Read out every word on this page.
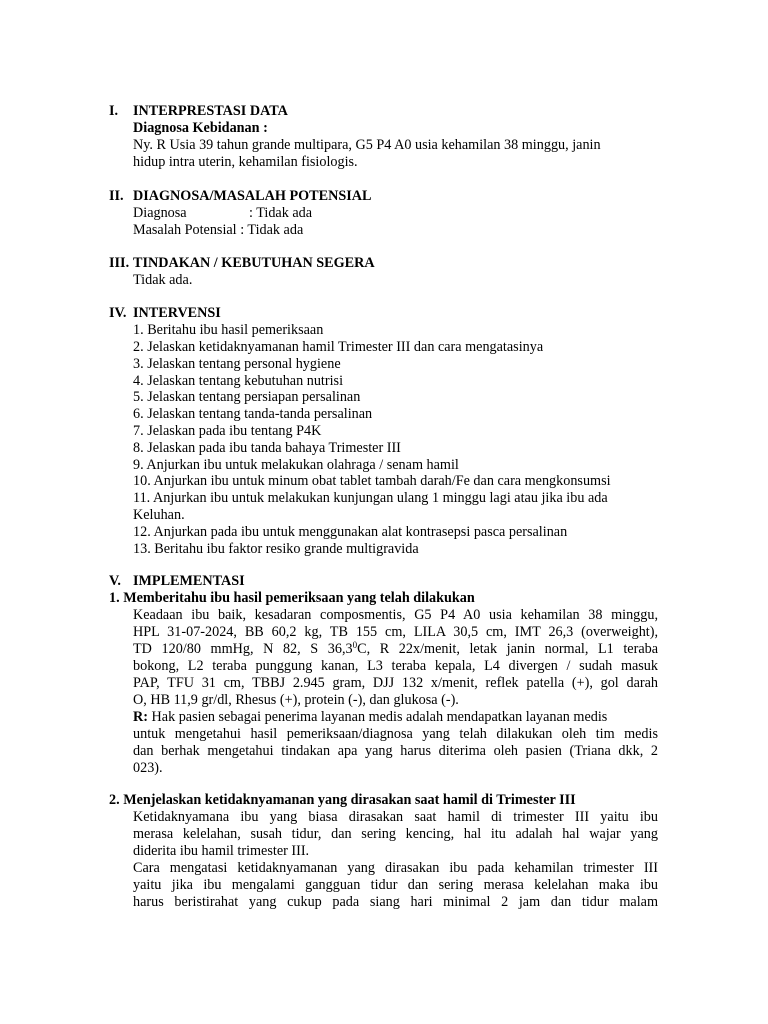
I. INTERPRESTASI DATA
Diagnosa Kebidanan :
Ny. R Usia 39 tahun grande multipara, G5 P4 A0 usia kehamilan 38 minggu, janin
hidup intra uterin, kehamilan fisiologis.
II. DIAGNOSA/MASALAH POTENSIAL
Diagnosa	: Tidak ada
Masalah Potensial : Tidak ada
III. TINDAKAN / KEBUTUHAN SEGERA
Tidak ada.
IV. INTERVENSI
1. Beritahu ibu hasil pemeriksaan
2. Jelaskan ketidaknyamanan hamil Trimester III dan cara mengatasinya
3. Jelaskan tentang personal hygiene
4. Jelaskan tentang kebutuhan nutrisi
5. Jelaskan tentang persiapan persalinan
6. Jelaskan tentang tanda-tanda persalinan
7. Jelaskan pada ibu tentang P4K
8. Jelaskan pada ibu tanda bahaya Trimester III
9. Anjurkan ibu untuk melakukan olahraga / senam hamil
10. Anjurkan ibu untuk minum obat tablet tambah darah/Fe dan cara mengkonsumsi
11. Anjurkan ibu untuk melakukan kunjungan ulang 1 minggu lagi atau jika ibu ada
Keluhan.
12. Anjurkan pada ibu untuk menggunakan alat kontrasepsi pasca persalinan
13. Beritahu ibu faktor resiko grande multigravida
V. IMPLEMENTASI
1. Memberitahu ibu hasil pemeriksaan yang telah dilakukan
Keadaan ibu baik, kesadaran composmentis, G5 P4 A0 usia kehamilan 38 minggu,
HPL 31-07-2024, BB 60,2 kg, TB 155 cm, LILA 30,5 cm, IMT 26,3 (overweight),
TD 120/80 mmHg, N 82, S 36,3$^0$C, R 22x/menit, letak janin normal, L1 teraba
bokong, L2 teraba punggung kanan, L3 teraba kepala, L4 divergen / sudah masuk
PAP, TFU 31 cm, TBBJ 2.945 gram, DJJ 132 x/menit, reflek patella (+), gol darah
O, HB 11,9 gr/dl, Rhesus (+), protein (-), dan glukosa (-).
R: Hak pasien sebagai penerima layanan medis adalah mendapatkan layanan medis
untuk mengetahui hasil pemeriksaan/diagnosa yang telah dilakukan oleh tim medis
dan berhak mengetahui tindakan apa yang harus diterima oleh pasien (Triana dkk, 2
023).
2. Menjelaskan ketidaknyamanan yang dirasakan saat hamil di Trimester III
Ketidaknyamana ibu yang biasa dirasakan saat hamil di trimester III yaitu ibu
merasa kelelahan, susah tidur, dan sering kencing, hal itu adalah hal wajar yang
diderita ibu hamil trimester III.
Cara mengatasi ketidaknyamanan yang dirasakan ibu pada kehamilan trimester III
yaitu jika ibu mengalami gangguan tidur dan sering merasa kelelahan maka ibu
harus beristirahat yang cukup pada siang hari minimal 2 jam dan tidur malam
